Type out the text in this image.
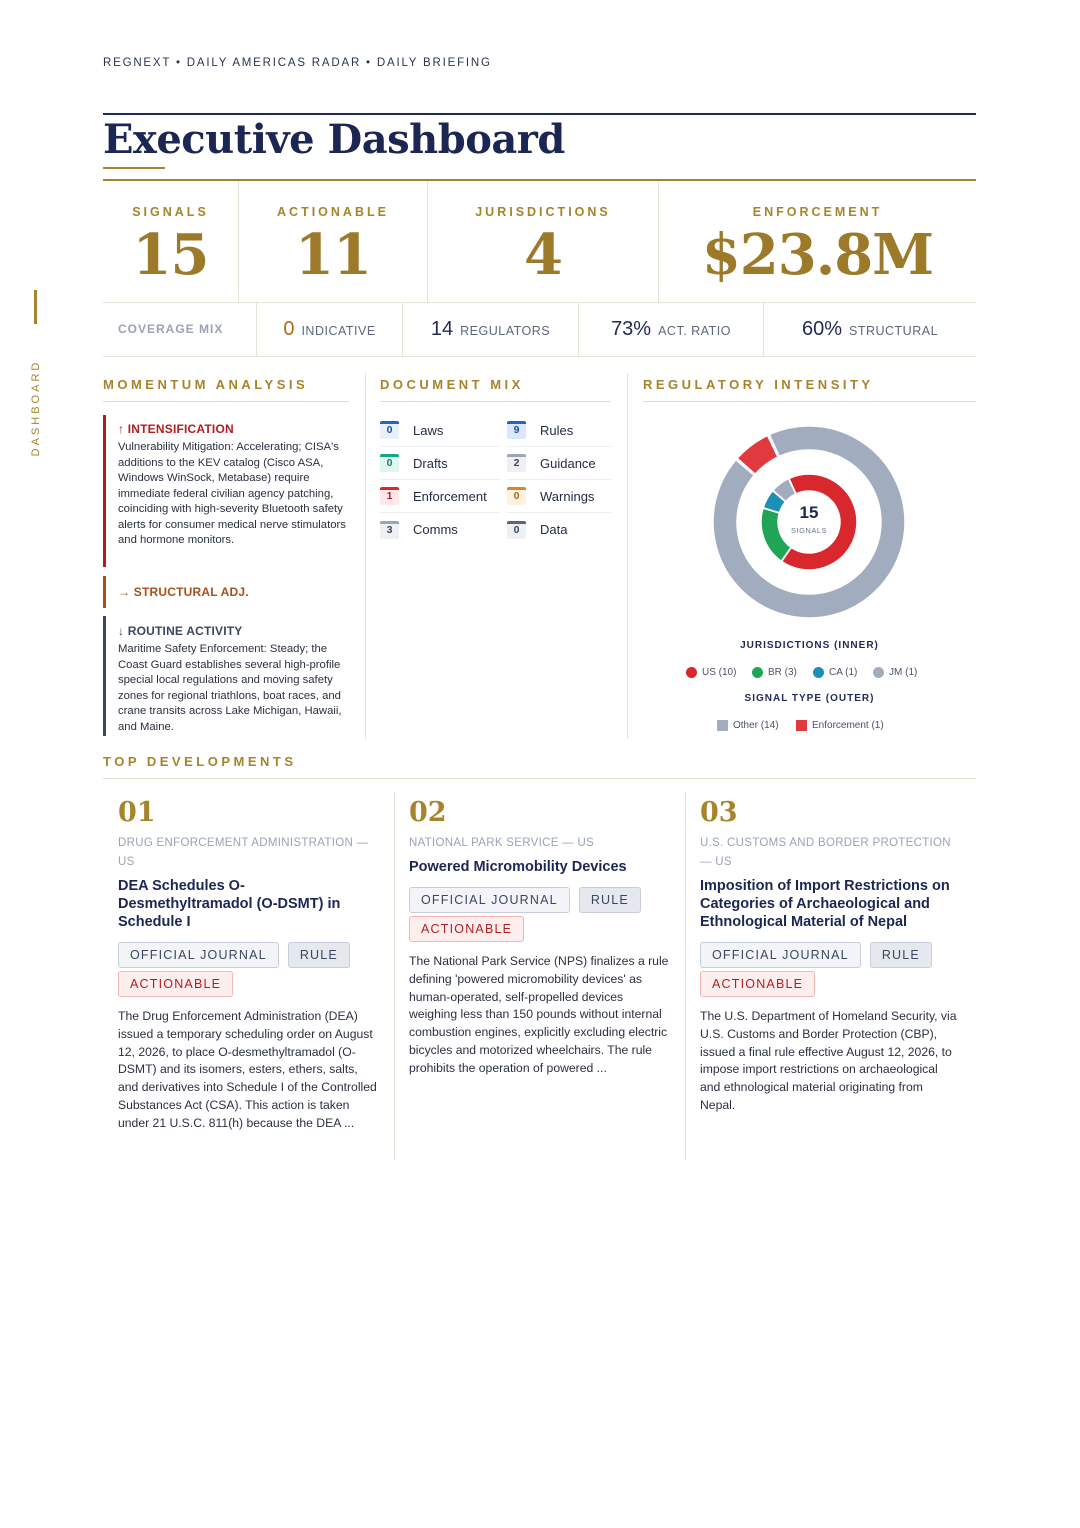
DASHBOARD
REGNEXT • DAILY AMERICAS RADAR • DAILY BRIEFING
Executive Dashboard
SIGNALS
15
ACTIONABLE
11
JURISDICTIONS
4
ENFORCEMENT
$23.8M
COVERAGE MIX	0 INDICATIVE	14 REGULATORS	73% ACT. RATIO	60% STRUCTURAL
MOMENTUM ANALYSIS
↑ INTENSIFICATION
Vulnerability Mitigation: Accelerating; CISA's additions to the KEV catalog (Cisco ASA, Windows WinSock, Metabase) require immediate federal civilian agency patching, coinciding with high-severity Bluetooth safety alerts for consumer medical nerve stimulators and hormone monitors.
→ STRUCTURAL ADJ.
↓ ROUTINE ACTIVITY
Maritime Safety Enforcement: Steady; the Coast Guard establishes several high-profile special local regulations and moving safety zones for regional triathlons, boat races, and crane transits across Lake Michigan, Hawaii, and Maine.
DOCUMENT MIX
0	Laws	9	Rules
0	Drafts	2	Guidance
1	Enforcement	0	Warnings
3	Comms	0	Data
REGULATORY INTENSITY
15
SIGNALS
JURISDICTIONS (INNER)
US (10)	BR (3)	CA (1)	JM (1)
SIGNAL TYPE (OUTER)
Other (14)	Enforcement (1)
TOP DEVELOPMENTS
01
DRUG ENFORCEMENT ADMINISTRATION — US
DEA Schedules O-Desmethyltramadol (O-DSMT) in Schedule I
OFFICIAL JOURNAL	RULE
ACTIONABLE
The Drug Enforcement Administration (DEA) issued a temporary scheduling order on August 12, 2026, to place O-desmethyltramadol (O-DSMT) and its isomers, esters, ethers, salts, and derivatives into Schedule I of the Controlled Substances Act (CSA). This action is taken under 21 U.S.C. 811(h) because the DEA ...
02
NATIONAL PARK SERVICE — US
Powered Micromobility Devices
OFFICIAL JOURNAL	RULE
ACTIONABLE
The National Park Service (NPS) finalizes a rule defining 'powered micromobility devices' as human-operated, self-propelled devices weighing less than 150 pounds without internal combustion engines, explicitly excluding electric bicycles and motorized wheelchairs. The rule prohibits the operation of powered ...
03
U.S. CUSTOMS AND BORDER PROTECTION — US
Imposition of Import Restrictions on Categories of Archaeological and Ethnological Material of Nepal
OFFICIAL JOURNAL	RULE
ACTIONABLE
The U.S. Department of Homeland Security, via U.S. Customs and Border Protection (CBP), issued a final rule effective August 12, 2026, to impose import restrictions on archaeological and ethnological material originating from Nepal.
